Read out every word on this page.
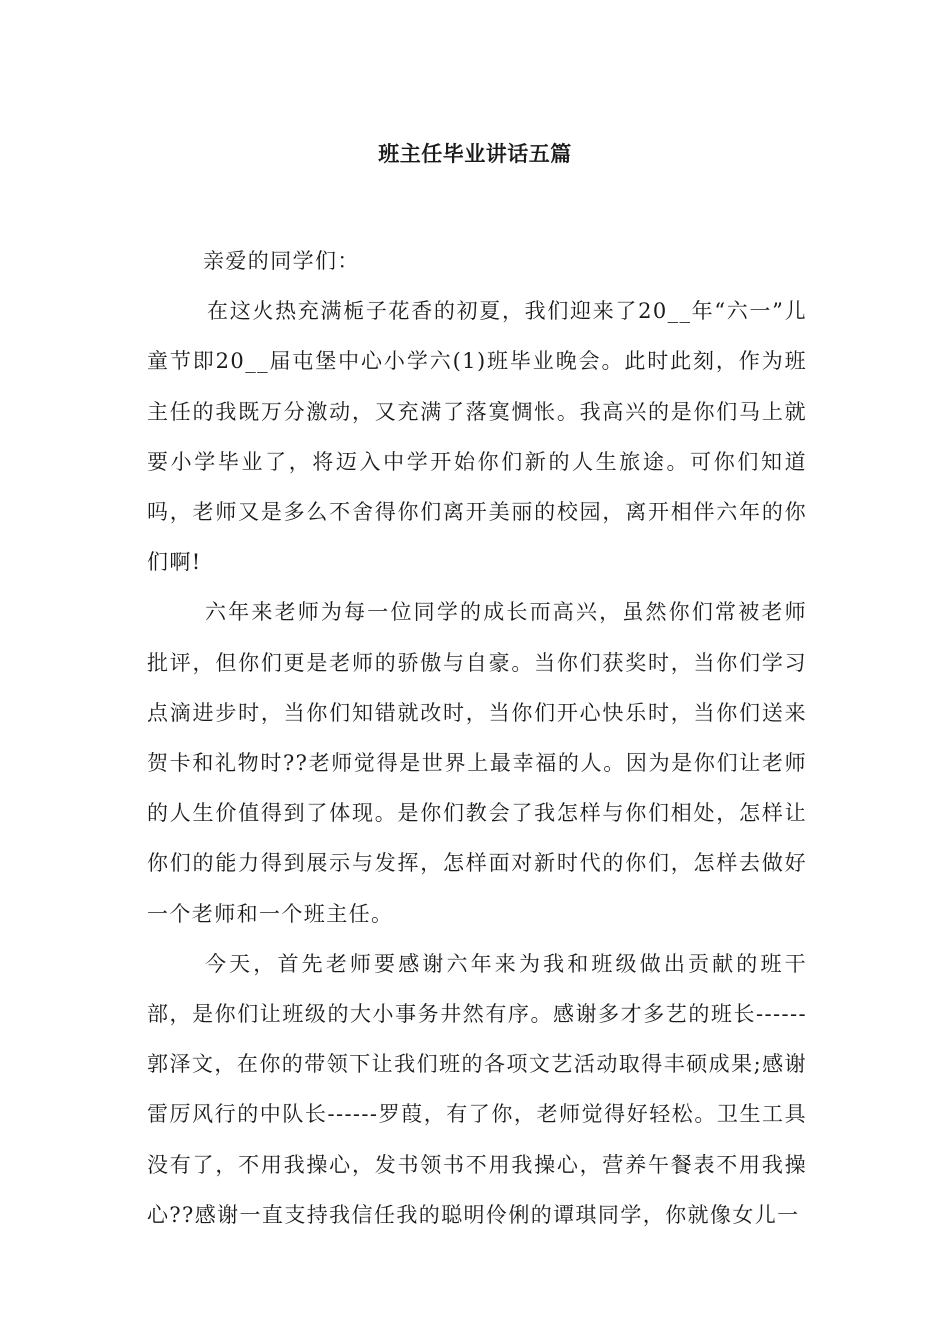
班主任毕业讲话五篇

亲爱的同学们：

在这火热充满栀子花香的初夏，我们迎来了20__年“六一”儿童节即20__届屯堡中心小学六(1)班毕业晚会。此时此刻，作为班主任的我既万分激动，又充满了落寞惆怅。我高兴的是你们马上就要小学毕业了，将迈入中学开始你们新的人生旅途。可你们知道吗，老师又是多么不舍得你们离开美丽的校园，离开相伴六年的你们啊!

六年来老师为每一位同学的成长而高兴，虽然你们常被老师批评，但你们更是老师的骄傲与自豪。当你们获奖时，当你们学习点滴进步时，当你们知错就改时，当你们开心快乐时，当你们送来贺卡和礼物时??老师觉得是世界上最幸福的人。因为是你们让老师的人生价值得到了体现。是你们教会了我怎样与你们相处，怎样让你们的能力得到展示与发挥，怎样面对新时代的你们，怎样去做好一个老师和一个班主任。

今天，首先老师要感谢六年来为我和班级做出贡献的班干部，是你们让班级的大小事务井然有序。感谢多才多艺的班长------郭泽文，在你的带领下让我们班的各项文艺活动取得丰硕成果;感谢雷厉风行的中队长------罗葭，有了你，老师觉得好轻松。卫生工具没有了，不用我操心，发书领书不用我操心，营养午餐表不用我操心??感谢一直支持我信任我的聪明伶俐的谭琪同学，你就像女儿一
